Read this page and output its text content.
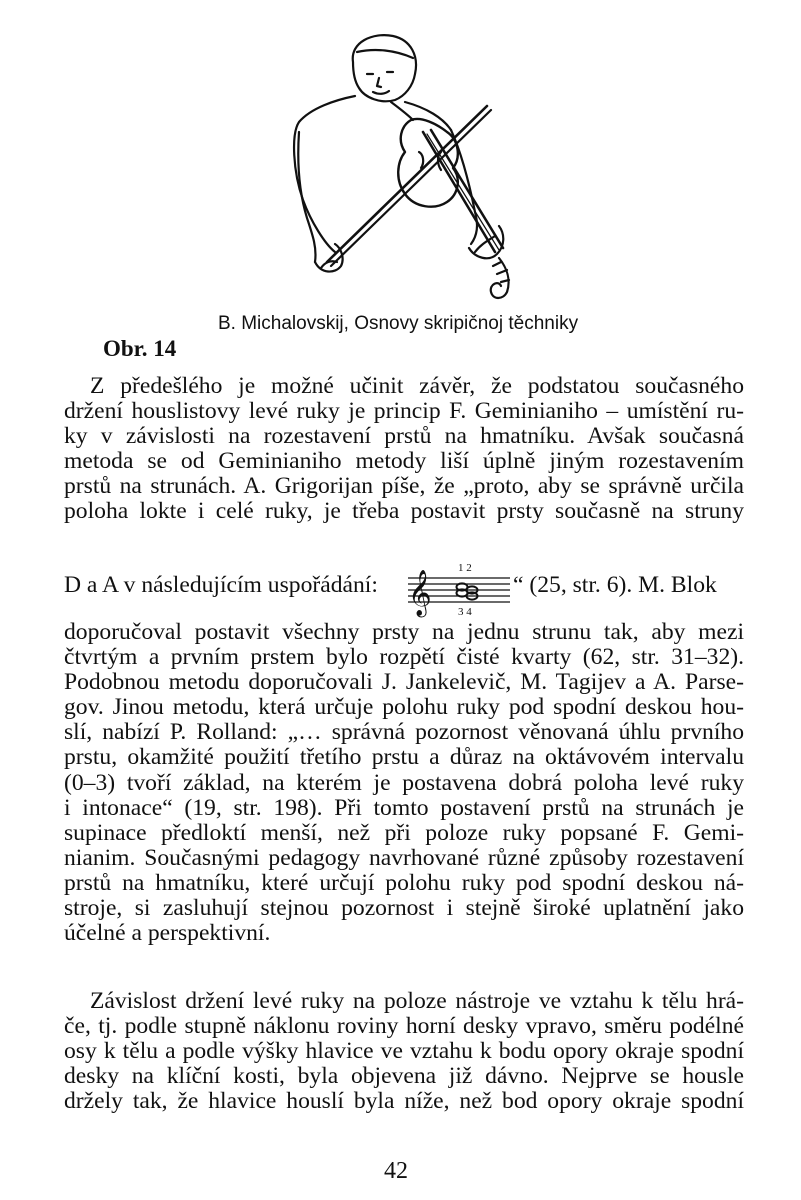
B. Michalovskij, Osnovy skripičnoj těchniky
Obr. 14
Z předešlého je možné učinit závěr, že podstatou současného
držení houslistovy levé ruky je princip F. Geminianiho – umístění ru-
ky v závislosti na rozestavení prstů na hmatníku. Avšak současná
metoda se od Geminianiho metody liší úplně jiným rozestavením
prstů na strunách. A. Grigorijan píše, že „proto, aby se správně určila
poloha lokte i celé ruky, je třeba postavit prsty současně na struny
D a A v následujícím uspořádání: 𝄞
1 2
3 4
“ (25, str. 6). M. Blok
doporučoval postavit všechny prsty na jednu strunu tak, aby mezi
čtvrtým a prvním prstem bylo rozpětí čisté kvarty (62, str. 31–32).
Podobnou metodu doporučovali J. Jankelevič, M. Tagijev a A. Parse-
gov. Jinou metodu, která určuje polohu ruky pod spodní deskou hou-
slí, nabízí P. Rolland: „… správná pozornost věnovaná úhlu prvního
prstu, okamžité použití třetího prstu a důraz na oktávovém intervalu
(0–3) tvoří základ, na kterém je postavena dobrá poloha levé ruky
i intonace“ (19, str. 198). Při tomto postavení prstů na strunách je
supinace předloktí menší, než při poloze ruky popsané F. Gemi-
nianim. Současnými pedagogy navrhované různé způsoby rozestavení
prstů na hmatníku, které určují polohu ruky pod spodní deskou ná-
stroje, si zasluhují stejnou pozornost i stejně široké uplatnění jako
účelné a perspektivní.
Závislost držení levé ruky na poloze nástroje ve vztahu k tělu hrá-
če, tj. podle stupně náklonu roviny horní desky vpravo, směru podélné
osy k tělu a podle výšky hlavice ve vztahu k bodu opory okraje spodní
desky na klíční kosti, byla objevena již dávno. Nejprve se housle
držely tak, že hlavice houslí byla níže, než bod opory okraje spodní
42
